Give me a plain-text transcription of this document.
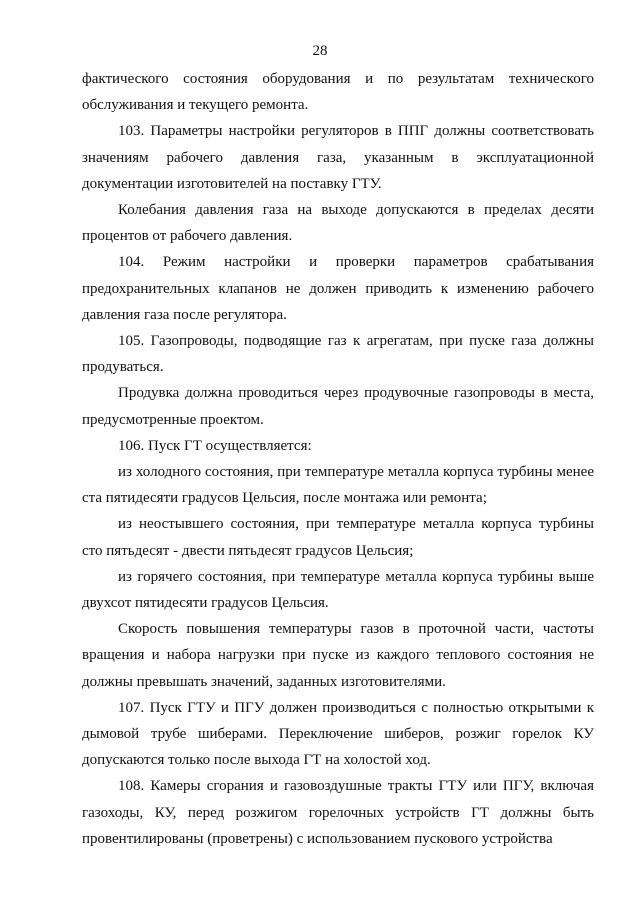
28

фактического состояния оборудования и по результатам технического обслуживания и текущего ремонта.

103. Параметры настройки регуляторов в ППГ должны соответствовать значениям рабочего давления газа, указанным в эксплуатационной документации изготовителей на поставку ГТУ.

Колебания давления газа на выходе допускаются в пределах десяти процентов от рабочего давления.

104. Режим настройки и проверки параметров срабатывания предохранительных клапанов не должен приводить к изменению рабочего давления газа после регулятора.

105. Газопроводы, подводящие газ к агрегатам, при пуске газа должны продуваться.

Продувка должна проводиться через продувочные газопроводы в места, предусмотренные проектом.

106. Пуск ГТ осуществляется:

из холодного состояния, при температуре металла корпуса турбины менее ста пятидесяти градусов Цельсия, после монтажа или ремонта;

из неостывшего состояния, при температуре металла корпуса турбины сто пятьдесят - двести пятьдесят градусов Цельсия;

из горячего состояния, при температуре металла корпуса турбины выше двухсот пятидесяти градусов Цельсия.

Скорость повышения температуры газов в проточной части, частоты вращения и набора нагрузки при пуске из каждого теплового состояния не должны превышать значений, заданных изготовителями.

107. Пуск ГТУ и ПГУ должен производиться с полностью открытыми к дымовой трубе шиберами. Переключение шиберов, розжиг горелок КУ допускаются только после выхода ГТ на холостой ход.

108. Камеры сгорания и газовоздушные тракты ГТУ или ПГУ, включая газоходы, КУ, перед розжигом горелочных устройств ГТ должны быть провентилированы (проветрены) с использованием пускового устройства
